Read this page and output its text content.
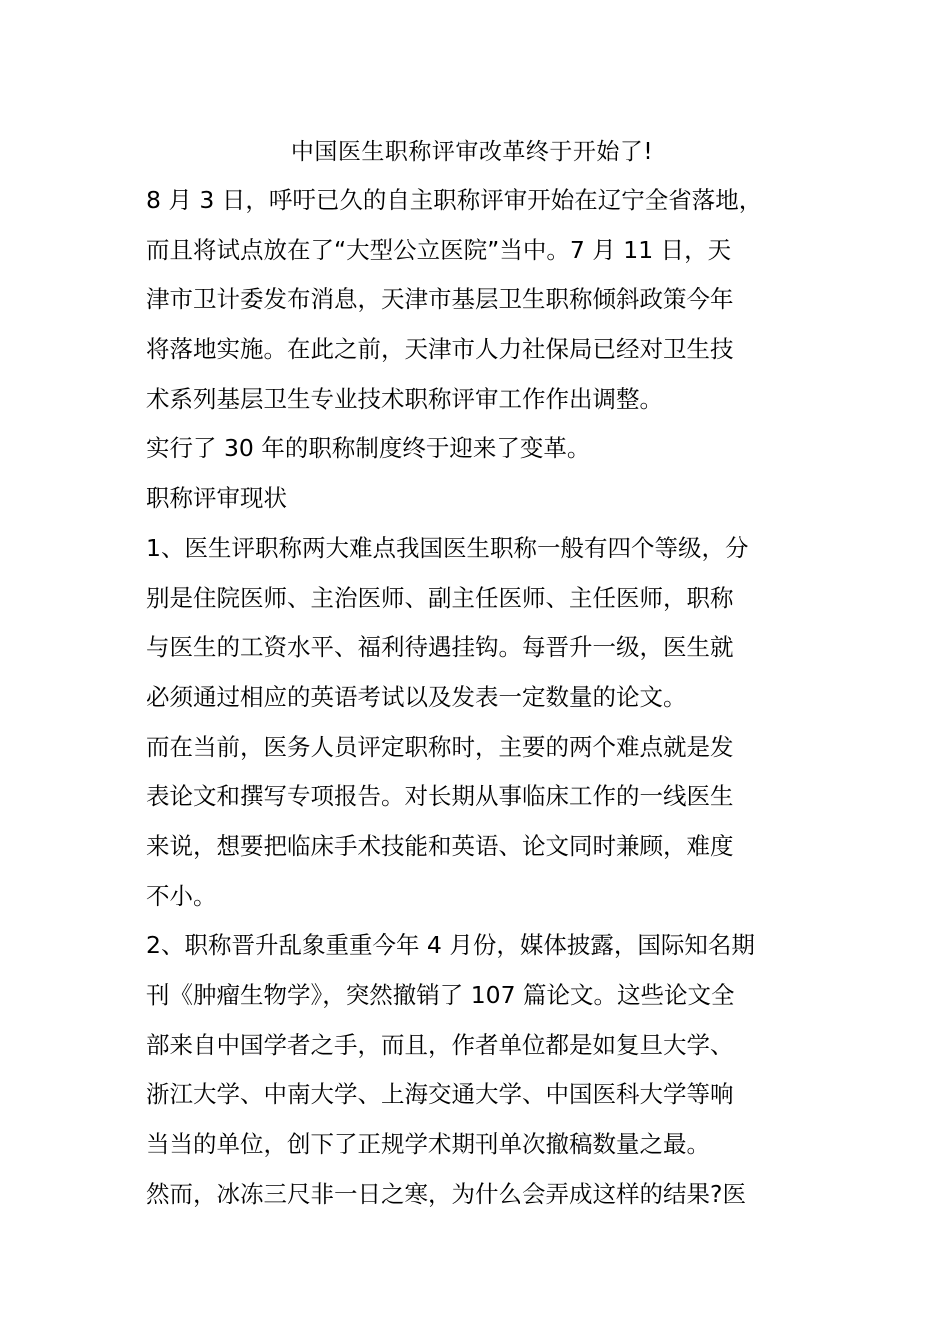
中国医生职称评审改革终于开始了!
8 月 3 日，呼吁已久的自主职称评审开始在辽宁全省落地，
而且将试点放在了“大型公立医院”当中。7 月 11 日，天
津市卫计委发布消息，天津市基层卫生职称倾斜政策今年
将落地实施。在此之前，天津市人力社保局已经对卫生技
术系列基层卫生专业技术职称评审工作作出调整。
实行了 30 年的职称制度终于迎来了变革。
职称评审现状
1、医生评职称两大难点我国医生职称一般有四个等级，分
别是住院医师、主治医师、副主任医师、主任医师，职称
与医生的工资水平、福利待遇挂钩。每晋升一级，医生就
必须通过相应的英语考试以及发表一定数量的论文。
而在当前，医务人员评定职称时，主要的两个难点就是发
表论文和撰写专项报告。对长期从事临床工作的一线医生
来说，想要把临床手术技能和英语、论文同时兼顾，难度
不小。
2、职称晋升乱象重重今年 4 月份，媒体披露，国际知名期
刊《肿瘤生物学》，突然撤销了 107 篇论文。这些论文全
部来自中国学者之手，而且，作者单位都是如复旦大学、
浙江大学、中南大学、上海交通大学、中国医科大学等响
当当的单位，创下了正规学术期刊单次撤稿数量之最。
然而，冰冻三尺非一日之寒，为什么会弄成这样的结果?医
